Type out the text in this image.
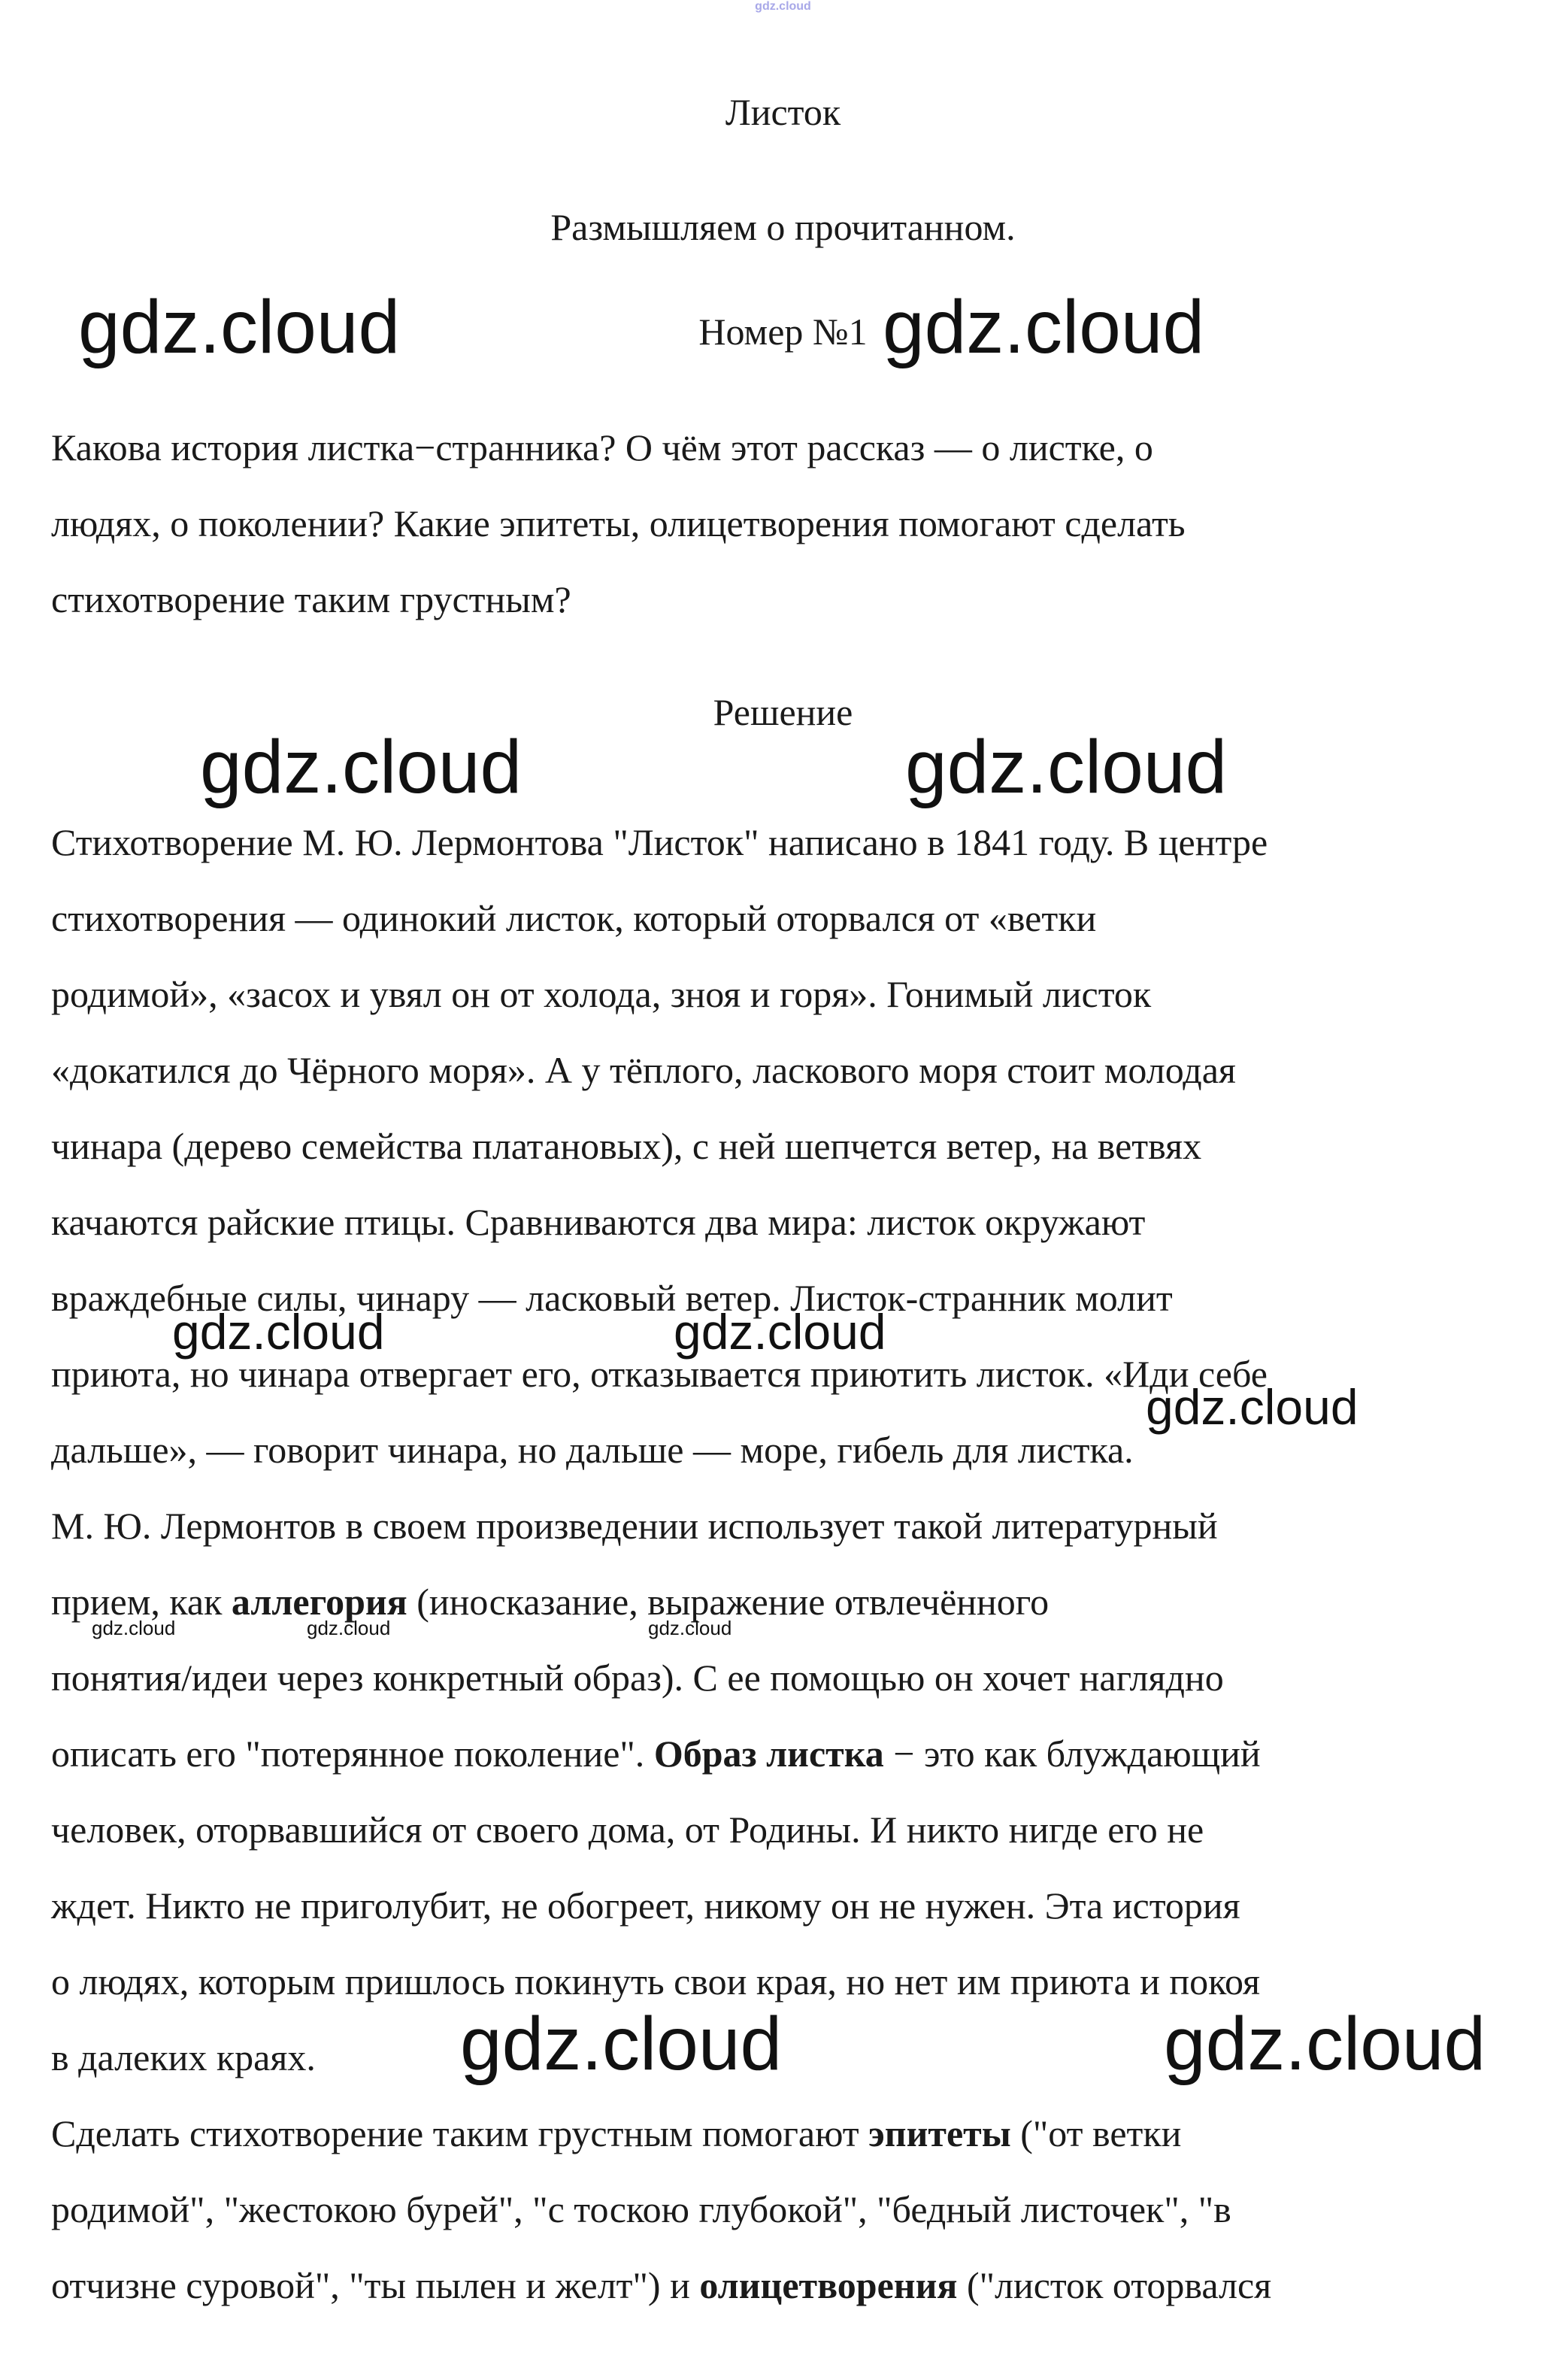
gdz.cloud
Листок
Размышляем о прочитанном.
Номер №1
Какова история листка−странника? О чём этот рассказ — о листке, о
людях, о поколении? Какие эпитеты, олицетворения помогают сделать
стихотворение таким грустным?
Решение
Стихотворение М. Ю. Лермонтова "Листок" написано в 1841 году. В центре
стихотворения — одинокий листок, который оторвался от «ветки
родимой», «засох и увял он от холода, зноя и горя». Гонимый листок
«докатился до Чёрного моря». А у тёплого, ласкового моря стоит молодая
чинара (дерево семейства платановых), с ней шепчется ветер, на ветвях
качаются райские птицы. Сравниваются два мира: листок окружают
враждебные силы, чинару — ласковый ветер. Листок-странник молит
приюта, но чинара отвергает его, отказывается приютить листок. «Иди себе
дальше», — говорит чинара, но дальше — море, гибель для листка.
М. Ю. Лермонтов в своем произведении использует такой литературный
прием, как аллегория (иносказание, выражение отвлечённого
понятия/идеи через конкретный образ). С ее помощью он хочет наглядно
описать его "потерянное поколение". Образ листка − это как блуждающий
человек, оторвавшийся от своего дома, от Родины. И никто нигде его не
ждет. Никто не приголубит, не обогреет, никому он не нужен. Эта история
о людях, которым пришлось покинуть свои края, но нет им приюта и покоя
в далеких краях.
Сделать стихотворение таким грустным помогают эпитеты ("от ветки
родимой", "жестокою бурей", "с тоскою глубокой", "бедный листочек", "в
отчизне суровой", "ты пылен и желт") и олицетворения ("листок оторвался
gdz.cloud	gdz.cloud
gdz.cloud	gdz.cloud
gdz.cloud	gdz.cloud
gdz.cloud
gdz.cloud	gdz.cloud	gdz.cloud
gdz.cloud	gdz.cloud
